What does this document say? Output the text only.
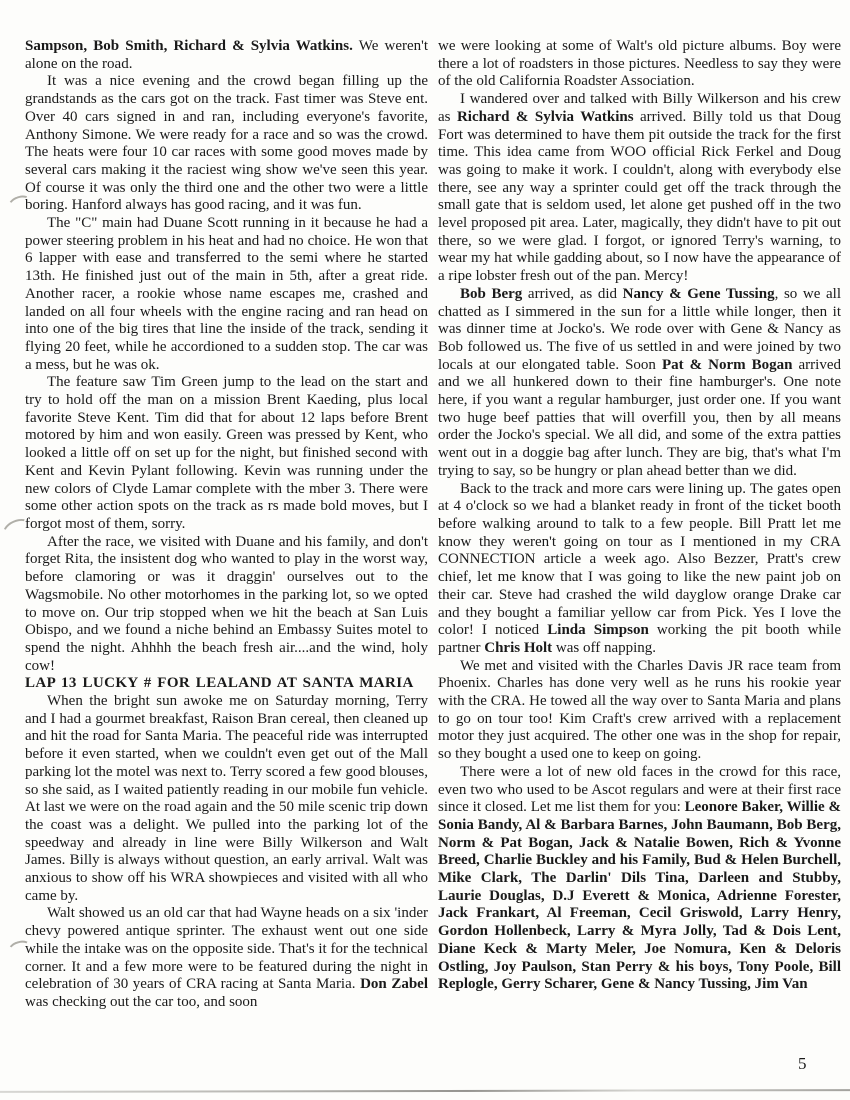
Sampson, Bob Smith, Richard & Sylvia Watkins. We weren't alone on the road.

It was a nice evening and the crowd began filling up the grandstands as the cars got on the track. Fast timer was Steve ent. Over 40 cars signed in and ran, including everyone's favorite, Anthony Simone. We were ready for a race and so was the crowd. The heats were four 10 car races with some good moves made by several cars making it the raciest wing show we've seen this year. Of course it was only the third one and the other two were a little boring. Hanford always has good racing, and it was fun.

The "C" main had Duane Scott running in it because he had a power steering problem in his heat and had no choice. He won that 6 lapper with ease and transferred to the semi where he started 13th. He finished just out of the main in 5th, after a great ride. Another racer, a rookie whose name escapes me, crashed and landed on all four wheels with the engine racing and ran head on into one of the big tires that line the inside of the track, sending it flying 20 feet, while he accordioned to a sudden stop. The car was a mess, but he was ok.

The feature saw Tim Green jump to the lead on the start and try to hold off the man on a mission Brent Kaeding, plus local favorite Steve Kent. Tim did that for about 12 laps before Brent motored by him and won easily. Green was pressed by Kent, who looked a little off on set up for the night, but finished second with Kent and Kevin Pylant following. Kevin was running under the new colors of Clyde Lamar complete with the mber 3. There were some other action spots on the track as rs made bold moves, but I forgot most of them, sorry.

After the race, we visited with Duane and his family, and don't forget Rita, the insistent dog who wanted to play in the worst way, before clamoring or was it draggin' ourselves out to the Wagsmobile. No other motorhomes in the parking lot, so we opted to move on. Our trip stopped when we hit the beach at San Luis Obispo, and we found a niche behind an Embassy Suites motel to spend the night. Ahhhh the beach fresh air....and the wind, holy cow!

LAP 13 LUCKY # FOR LEALAND AT SANTA MARIA

When the bright sun awoke me on Saturday morning, Terry and I had a gourmet breakfast, Raison Bran cereal, then cleaned up and hit the road for Santa Maria. The peaceful ride was interrupted before it even started, when we couldn't even get out of the Mall parking lot the motel was next to. Terry scored a few good blouses, so she said, as I waited patiently reading in our mobile fun vehicle. At last we were on the road again and the 50 mile scenic trip down the coast was a delight. We pulled into the parking lot of the speedway and already in line were Billy Wilkerson and Walt James. Billy is always without question, an early arrival. Walt was anxious to show off his WRA showpieces and visited with all who came by.

Walt showed us an old car that had Wayne heads on a six 'inder chevy powered antique sprinter. The exhaust went out one side while the intake was on the opposite side. That's it for the technical corner. It and a few more were to be featured during the night in celebration of 30 years of CRA racing at Santa Maria. Don Zabel was checking out the car too, and soon

we were looking at some of Walt's old picture albums. Boy were there a lot of roadsters in those pictures. Needless to say they were of the old California Roadster Association.

I wandered over and talked with Billy Wilkerson and his crew as Richard & Sylvia Watkins arrived. Billy told us that Doug Fort was determined to have them pit outside the track for the first time. This idea came from WOO official Rick Ferkel and Doug was going to make it work. I couldn't, along with everybody else there, see any way a sprinter could get off the track through the small gate that is seldom used, let alone get pushed off in the two level proposed pit area. Later, magically, they didn't have to pit out there, so we were glad. I forgot, or ignored Terry's warning, to wear my hat while gadding about, so I now have the appearance of a ripe lobster fresh out of the pan. Mercy!

Bob Berg arrived, as did Nancy & Gene Tussing, so we all chatted as I simmered in the sun for a little while longer, then it was dinner time at Jocko's. We rode over with Gene & Nancy as Bob followed us. The five of us settled in and were joined by two locals at our elongated table. Soon Pat & Norm Bogan arrived and we all hunkered down to their fine hamburger's. One note here, if you want a regular hamburger, just order one. If you want two huge beef patties that will overfill you, then by all means order the Jocko's special. We all did, and some of the extra patties went out in a doggie bag after lunch. They are big, that's what I'm trying to say, so be hungry or plan ahead better than we did.

Back to the track and more cars were lining up. The gates open at 4 o'clock so we had a blanket ready in front of the ticket booth before walking around to talk to a few people. Bill Pratt let me know they weren't going on tour as I mentioned in my CRA CONNECTION article a week ago. Also Bezzer, Pratt's crew chief, let me know that I was going to like the new paint job on their car. Steve had crashed the wild dayglow orange Drake car and they bought a familiar yellow car from Pick. Yes I love the color! I noticed Linda Simpson working the pit booth while partner Chris Holt was off napping.

We met and visited with the Charles Davis JR race team from Phoenix. Charles has done very well as he runs his rookie year with the CRA. He towed all the way over to Santa Maria and plans to go on tour too! Kim Craft's crew arrived with a replacement motor they just acquired. The other one was in the shop for repair, so they bought a used one to keep on going.

There were a lot of new old faces in the crowd for this race, even two who used to be Ascot regulars and were at their first race since it closed. Let me list them for you: Leonore Baker, Willie & Sonia Bandy, Al & Barbara Barnes, John Baumann, Bob Berg, Norm & Pat Bogan, Jack & Natalie Bowen, Rich & Yvonne Breed, Charlie Buckley and his Family, Bud & Helen Burchell, Mike Clark, The Darlin' Dils Tina, Darleen and Stubby, Laurie Douglas, D.J Everett & Monica, Adrienne Forester, Jack Frankart, Al Freeman, Cecil Griswold, Larry Henry, Gordon Hollenbeck, Larry & Myra Jolly, Tad & Dois Lent, Diane Keck & Marty Meler, Joe Nomura, Ken & Deloris Ostling, Joy Paulson, Stan Perry & his boys, Tony Poole, Bill Replogle, Gerry Scharer, Gene & Nancy Tussing, Jim Van

5
